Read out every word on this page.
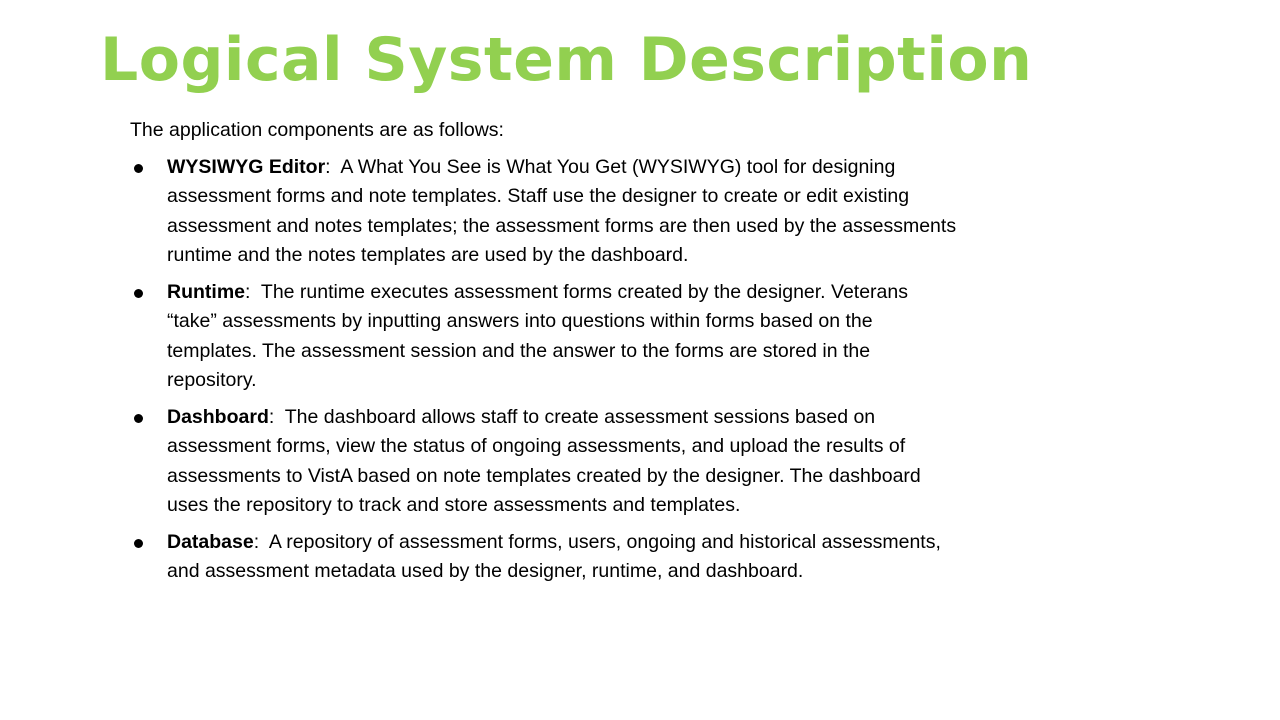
Logical System Description

The application components are as follows:

WYSIWYG Editor:  A What You See is What You Get (WYSIWYG) tool for designing assessment forms and note templates. Staff use the designer to create or edit existing assessment and notes templates; the assessment forms are then used by the assessments runtime and the notes templates are used by the dashboard.
Runtime:  The runtime executes assessment forms created by the designer. Veterans “take” assessments by inputting answers into questions within forms based on the templates. The assessment session and the answer to the forms are stored in the repository.
Dashboard:  The dashboard allows staff to create assessment sessions based on assessment forms, view the status of ongoing assessments, and upload the results of assessments to VistA based on note templates created by the designer. The dashboard uses the repository to track and store assessments and templates.
Database:  A repository of assessment forms, users, ongoing and historical assessments, and assessment metadata used by the designer, runtime, and dashboard.
